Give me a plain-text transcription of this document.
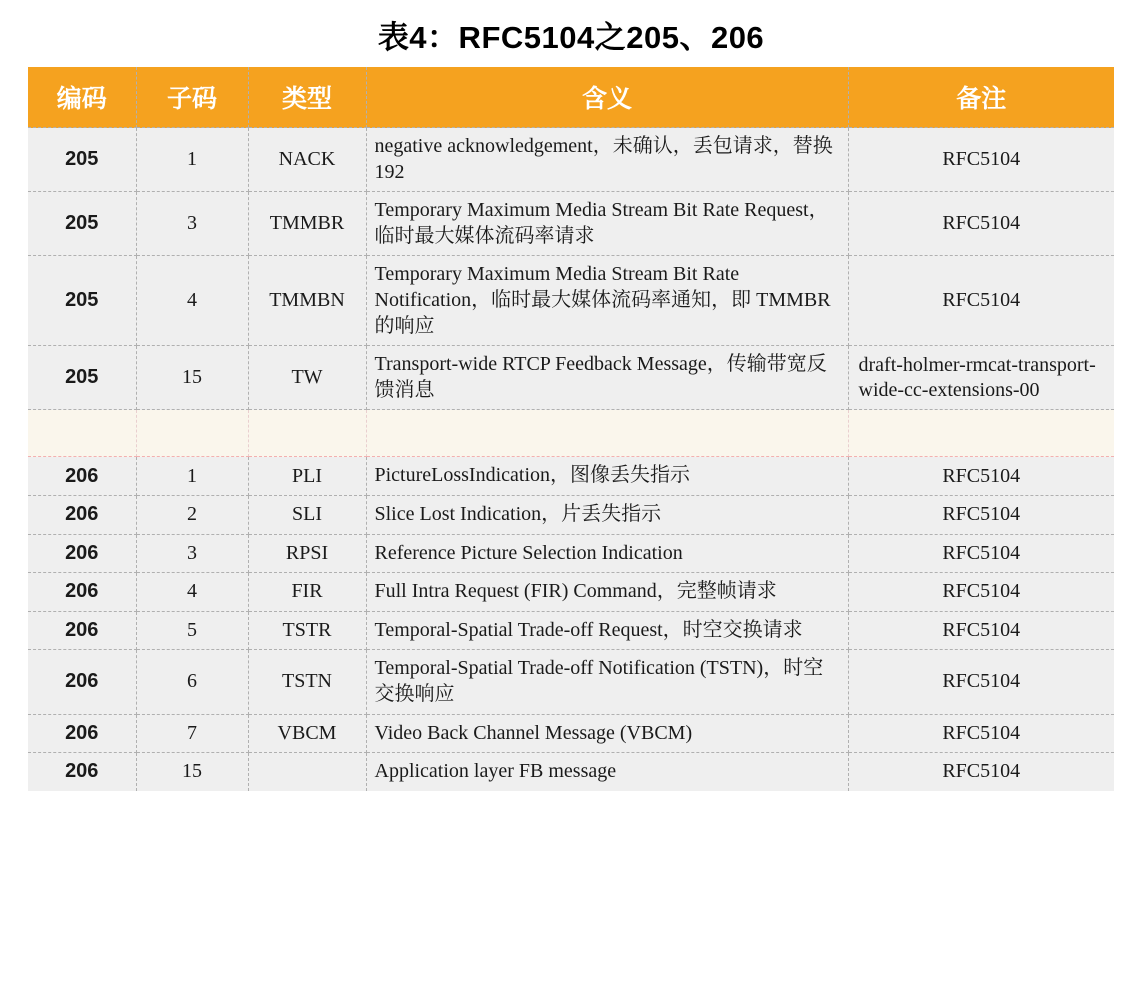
表4：RFC5104之205、206
编码	子码	类型	含义	备注
205	1	NACK	negative acknowledgement，未确认，丢包请求，替换 192	RFC5104
205	3	TMMBR	Temporary Maximum Media Stream Bit Rate Request，临时最大媒体流码率请求	RFC5104
205	4	TMMBN	Temporary Maximum Media Stream Bit Rate Notification，临时最大媒体流码率通知，即 TMMBR 的响应	RFC5104
205	15	TW	Transport-wide RTCP Feedback Message，传输带宽反馈消息	draft-holmer-rmcat-transport-wide-cc-extensions-00

206	1	PLI	PictureLossIndication，图像丢失指示	RFC5104
206	2	SLI	Slice Lost Indication，片丢失指示	RFC5104
206	3	RPSI	Reference Picture Selection Indication	RFC5104
206	4	FIR	Full Intra Request (FIR) Command，完整帧请求	RFC5104
206	5	TSTR	Temporal-Spatial Trade-off Request，时空交换请求	RFC5104
206	6	TSTN	Temporal-Spatial Trade-off Notification (TSTN)，时空交换响应	RFC5104
206	7	VBCM	Video Back Channel Message (VBCM)	RFC5104
206	15		Application layer FB message	RFC5104
